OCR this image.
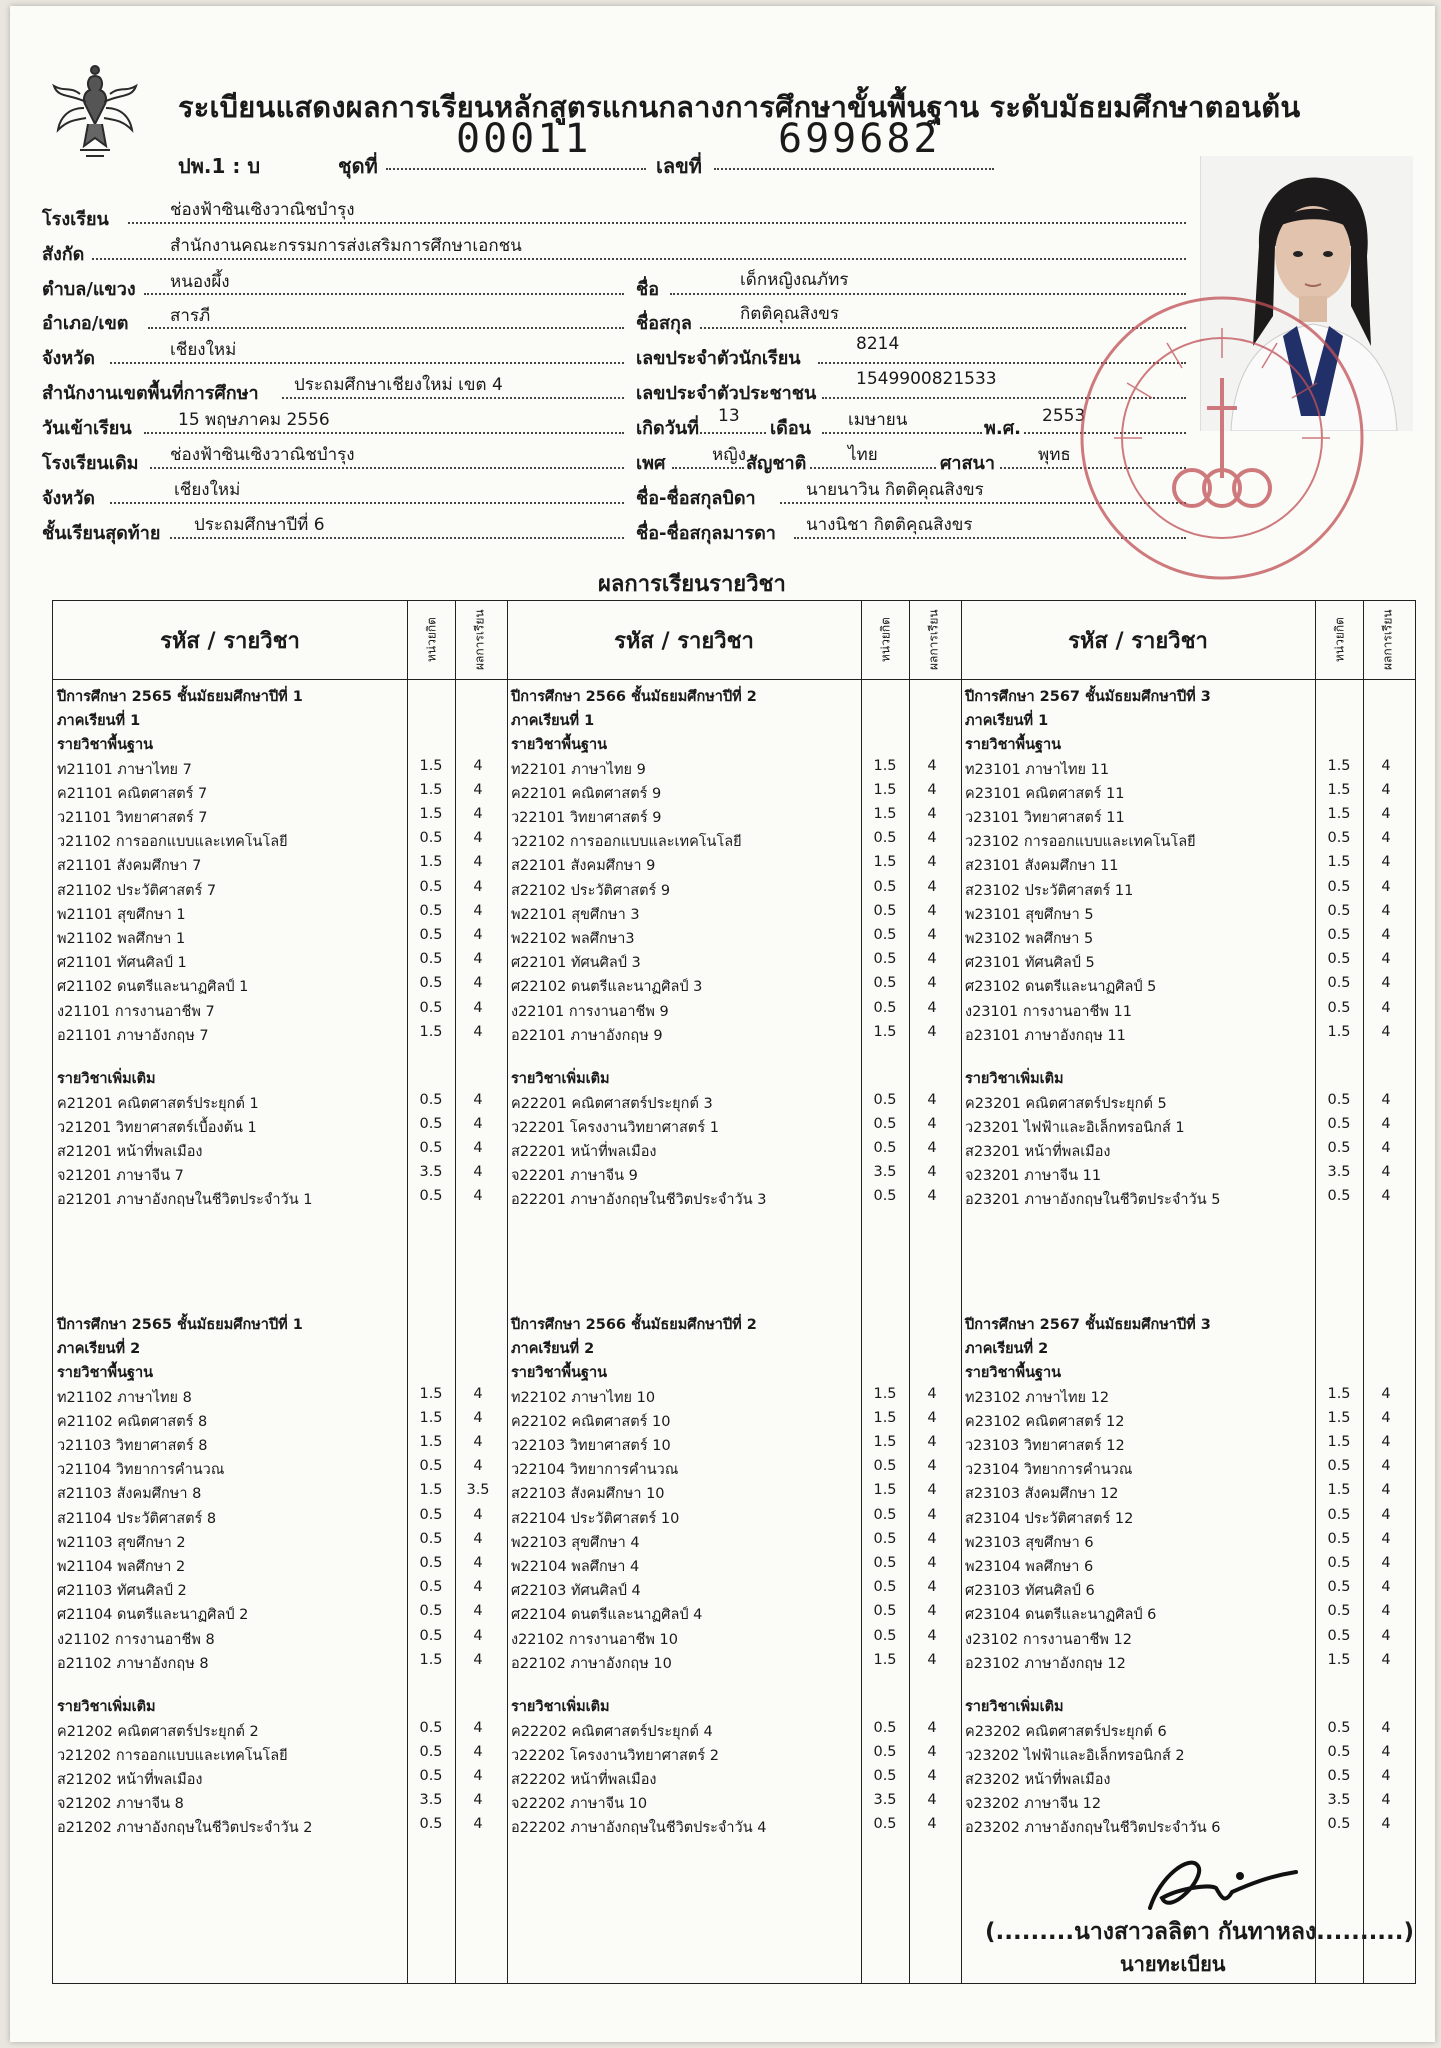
ระเบียนแสดงผลการเรียนหลักสูตรแกนกลางการศึกษาขั้นพื้นฐาน ระดับมัธยมศึกษาตอนต้น
ปพ.1 : บ	ชุดที่
00011
เลขที่
699682
โรงเรียน	ช่องฟ้าซินเซิงวาณิชบำรุง
สังกัด	สำนักงานคณะกรรมการส่งเสริมการศึกษาเอกชน
ตำบล/แขวง หนองผึ้ง
อำเภอ/เขต สารภี
จังหวัด	เชียงใหม่
สำนักงานเขตพื้นที่การศึกษา ประถมศึกษาเชียงใหม่ เขต 4
วันเข้าเรียน	15 พฤษภาคม 2556
โรงเรียนเดิม ช่องฟ้าซินเซิงวาณิชบำรุง
จังหวัด	เชียงใหม่
ชั้นเรียนสุดท้าย ประถมศึกษาปีที่ 6
ชื่อ	เด็กหญิงณภัทร
ชื่อสกุล	กิตติคุณสิงขร
เลขประจำตัวนักเรียน
8214
เลขประจำตัวประชาชน
1549900821533
เกิดวันที่
13
เดือน เมษายน	พ.ศ.
2553
เพศ	หญิง สัญชาติ ไทย	ศาสนา	พุทธ
ชื่อ-ชื่อสกุลบิดา	นายนาวิน กิตติคุณสิงขร
ชื่อ-ชื่อสกุลมารดา นางนิชา กิตติคุณสิงขร
ผลการเรียนรายวิชา
รหัส / รายวิชา	หน่วยกิต	ผลการเรียน	รหัส / รายวิชา	หน่วยกิต	ผลการเรียน	รหัส / รายวิชา	หน่วยกิต	ผลการเรียน
ปีการศึกษา 2565 ชั้นมัธยมศึกษาปีที่ 1
ภาคเรียนที่ 1
รายวิชาพื้นฐาน
ท21101 ภาษาไทย 7	1.5	4
ค21101 คณิตศาสตร์ 7	1.5	4
ว21101 วิทยาศาสตร์ 7	1.5	4
ว21102 การออกแบบและเทคโนโลยี	0.5	4
ส21101 สังคมศึกษา 7	1.5	4
ส21102 ประวัติศาสตร์ 7	0.5	4
พ21101 สุขศึกษา 1	0.5	4
พ21102 พลศึกษา 1	0.5	4
ศ21101 ทัศนศิลป์ 1	0.5	4
ศ21102 ดนตรีและนาฏศิลป์ 1	0.5	4
ง21101 การงานอาชีพ 7	0.5	4
อ21101 ภาษาอังกฤษ 7	1.5	4
รายวิชาเพิ่มเติม
ค21201 คณิตศาสตร์ประยุกต์ 1	0.5	4
ว21201 วิทยาศาสตร์เบื้องต้น 1	0.5	4
ส21201 หน้าที่พลเมือง	0.5	4
จ21201 ภาษาจีน 7	3.5	4
อ21201 ภาษาอังกฤษในชีวิตประจำวัน 1	0.5	4
ปีการศึกษา 2565 ชั้นมัธยมศึกษาปีที่ 1
ภาคเรียนที่ 2
รายวิชาพื้นฐาน
ท21102 ภาษาไทย 8	1.5	4
ค21102 คณิตศาสตร์ 8	1.5	4
ว21103 วิทยาศาสตร์ 8	1.5	4
ว21104 วิทยาการคำนวณ	0.5	4
ส21103 สังคมศึกษา 8	1.5	3.5
ส21104 ประวัติศาสตร์ 8	0.5	4
พ21103 สุขศึกษา 2	0.5	4
พ21104 พลศึกษา 2	0.5	4
ศ21103 ทัศนศิลป์ 2	0.5	4
ศ21104 ดนตรีและนาฏศิลป์ 2	0.5	4
ง21102 การงานอาชีพ 8	0.5	4
อ21102 ภาษาอังกฤษ 8	1.5	4
รายวิชาเพิ่มเติม
ค21202 คณิตศาสตร์ประยุกต์ 2	0.5	4
ว21202 การออกแบบและเทคโนโลยี	0.5	4
ส21202 หน้าที่พลเมือง	0.5	4
จ21202 ภาษาจีน 8	3.5	4
อ21202 ภาษาอังกฤษในชีวิตประจำวัน 2	0.5	4
ปีการศึกษา 2566 ชั้นมัธยมศึกษาปีที่ 2
ภาคเรียนที่ 1
รายวิชาพื้นฐาน
ท22101 ภาษาไทย 9	1.5	4
ค22101 คณิตศาสตร์ 9	1.5	4
ว22101 วิทยาศาสตร์ 9	1.5	4
ว22102 การออกแบบและเทคโนโลยี	0.5	4
ส22101 สังคมศึกษา 9	1.5	4
ส22102 ประวัติศาสตร์ 9	0.5	4
พ22101 สุขศึกษา 3	0.5	4
พ22102 พลศึกษา3	0.5	4
ศ22101 ทัศนศิลป์ 3	0.5	4
ศ22102 ดนตรีและนาฏศิลป์ 3	0.5	4
ง22101 การงานอาชีพ 9	0.5	4
อ22101 ภาษาอังกฤษ 9	1.5	4
รายวิชาเพิ่มเติม
ค22201 คณิตศาสตร์ประยุกต์ 3	0.5	4
ว22201 โครงงานวิทยาศาสตร์ 1	0.5	4
ส22201 หน้าที่พลเมือง	0.5	4
จ22201 ภาษาจีน 9	3.5	4
อ22201 ภาษาอังกฤษในชีวิตประจำวัน 3	0.5	4
ปีการศึกษา 2566 ชั้นมัธยมศึกษาปีที่ 2
ภาคเรียนที่ 2
รายวิชาพื้นฐาน
ท22102 ภาษาไทย 10	1.5	4
ค22102 คณิตศาสตร์ 10	1.5	4
ว22103 วิทยาศาสตร์ 10	1.5	4
ว22104 วิทยาการคำนวณ	0.5	4
ส22103 สังคมศึกษา 10	1.5	4
ส22104 ประวัติศาสตร์ 10	0.5	4
พ22103 สุขศึกษา 4	0.5	4
พ22104 พลศึกษา 4	0.5	4
ศ22103 ทัศนศิลป์ 4	0.5	4
ศ22104 ดนตรีและนาฏศิลป์ 4	0.5	4
ง22102 การงานอาชีพ 10	0.5	4
อ22102 ภาษาอังกฤษ 10	1.5	4
รายวิชาเพิ่มเติม
ค22202 คณิตศาสตร์ประยุกต์ 4	0.5	4
ว22202 โครงงานวิทยาศาสตร์ 2	0.5	4
ส22202 หน้าที่พลเมือง	0.5	4
จ22202 ภาษาจีน 10	3.5	4
อ22202 ภาษาอังกฤษในชีวิตประจำวัน 4	0.5	4
ปีการศึกษา 2567 ชั้นมัธยมศึกษาปีที่ 3
ภาคเรียนที่ 1
รายวิชาพื้นฐาน
ท23101 ภาษาไทย 11	1.5	4
ค23101 คณิตศาสตร์ 11	1.5	4
ว23101 วิทยาศาสตร์ 11	1.5	4
ว23102 การออกแบบและเทคโนโลยี	0.5	4
ส23101 สังคมศึกษา 11	1.5	4
ส23102 ประวัติศาสตร์ 11	0.5	4
พ23101 สุขศึกษา 5	0.5	4
พ23102 พลศึกษา 5	0.5	4
ศ23101 ทัศนศิลป์ 5	0.5	4
ศ23102 ดนตรีและนาฏศิลป์ 5	0.5	4
ง23101 การงานอาชีพ 11	0.5	4
อ23101 ภาษาอังกฤษ 11	1.5	4
รายวิชาเพิ่มเติม
ค23201 คณิตศาสตร์ประยุกต์ 5	0.5	4
ว23201 ไฟฟ้าและอิเล็กทรอนิกส์ 1	0.5	4
ส23201 หน้าที่พลเมือง	0.5	4
จ23201 ภาษาจีน 11	3.5	4
อ23201 ภาษาอังกฤษในชีวิตประจำวัน 5	0.5	4
ปีการศึกษา 2567 ชั้นมัธยมศึกษาปีที่ 3
ภาคเรียนที่ 2
รายวิชาพื้นฐาน
ท23102 ภาษาไทย 12	1.5	4
ค23102 คณิตศาสตร์ 12	1.5	4
ว23103 วิทยาศาสตร์ 12	1.5	4
ว23104 วิทยาการคำนวณ	0.5	4
ส23103 สังคมศึกษา 12	1.5	4
ส23104 ประวัติศาสตร์ 12	0.5	4
พ23103 สุขศึกษา 6	0.5	4
พ23104 พลศึกษา 6	0.5	4
ศ23103 ทัศนศิลป์ 6	0.5	4
ศ23104 ดนตรีและนาฏศิลป์ 6	0.5	4
ง23102 การงานอาชีพ 12	0.5	4
อ23102 ภาษาอังกฤษ 12	1.5	4
รายวิชาเพิ่มเติม
ค23202 คณิตศาสตร์ประยุกต์ 6	0.5	4
ว23202 ไฟฟ้าและอิเล็กทรอนิกส์ 2	0.5	4
ส23202 หน้าที่พลเมือง	0.5	4
จ23202 ภาษาจีน 12	3.5	4
อ23202 ภาษาอังกฤษในชีวิตประจำวัน 6	0.5	4
(.........นางสาวลลิตา กันทาหลง..........)
นายทะเบียน
